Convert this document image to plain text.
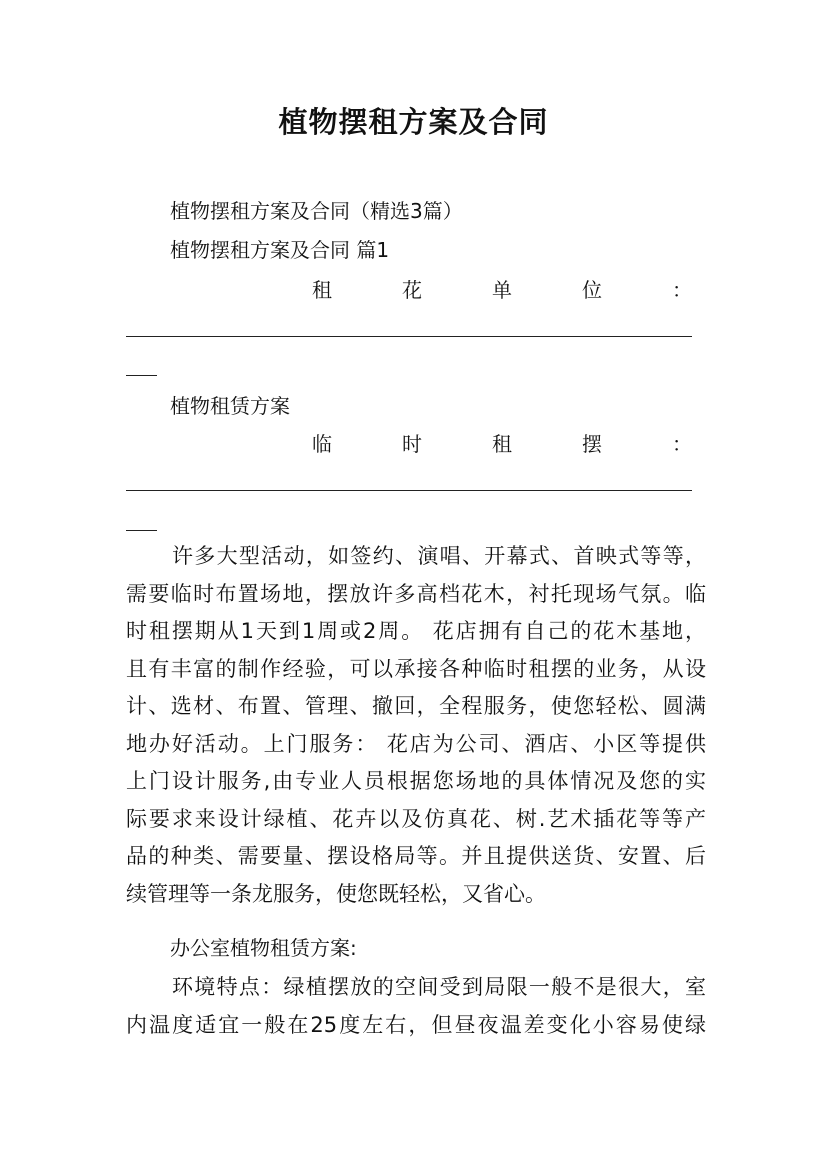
植物摆租方案及合同
植物摆租方案及合同（精选3篇）
植物摆租方案及合同 篇1
租	花	单	位	：
植物租赁方案
临	时	租	摆	：
许多大型活动，如签约、演唱、开幕式、首映式等等，
需要临时布置场地，摆放许多高档花木，衬托现场气氛。临
时租摆期从1天到1周或2周。 花店拥有自己的花木基地，
且有丰富的制作经验，可以承接各种临时租摆的业务，从设
计、选材、布置、管理、撤回，全程服务，使您轻松、圆满
地办好活动。上门服务： 花店为公司、酒店、小区等提供
上门设计服务,由专业人员根据您场地的具体情况及您的实
际要求来设计绿植、花卉以及仿真花、树.艺术插花等等产
品的种类、需要量、摆设格局等。并且提供送货、安置、后
续管理等一条龙服务，使您既轻松，又省心。
办公室植物租赁方案:
环境特点：绿植摆放的空间受到局限一般不是很大，室
内温度适宜一般在25度左右，但昼夜温差变化小容易使绿
